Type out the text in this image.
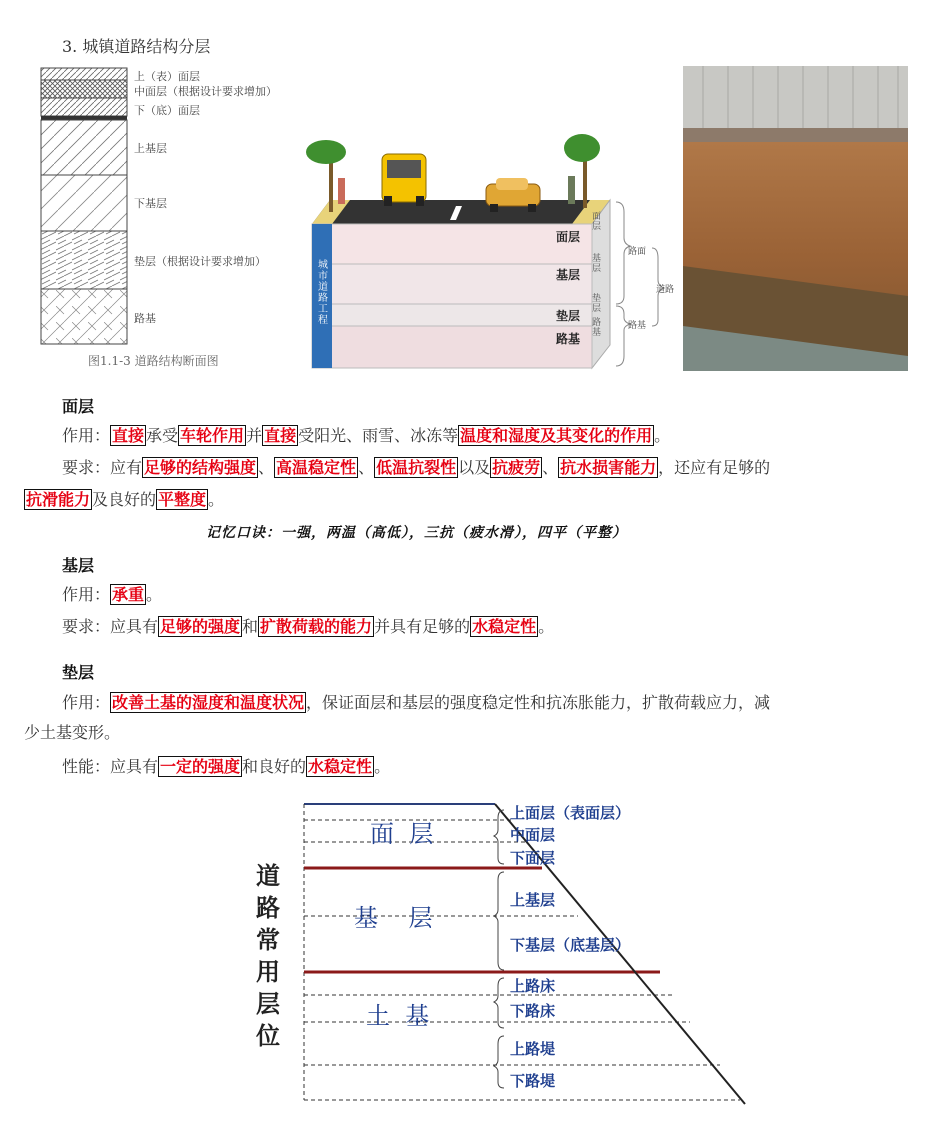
3. 城镇道路结构分层
上（表）面层
中面层（根据设计要求增加）
下（底）面层
上基层
下基层
垫层（根据设计要求增加）
路基
图1.1-3 道路结构断面图
城市道路工程
面层
基层
垫层
路基
面层
基层
垫层
路基
路面
路基
道路
面层
作用： 直接 承受 车轮作用 并 直接 受阳光、雨雪、冰冻等 温度和湿度及其变化的作用 。
要求：应有 足够的结构强度 、 高温稳定性 、 低温抗裂性 以及 抗疲劳 、 抗水损害能力 ，还应有足够的
抗滑能力 及良好的 平整度 。
记忆口诀：一强，两温（高低），三抗（疲水滑），四平（平整）
基层
作用： 承重 。
要求：应具有 足够的强度 和 扩散荷载的能力 并具有足够的 水稳定性 。
垫层
作用： 改善土基的湿度和温度状况 ，保证面层和基层的强度稳定性和抗冻胀能力，扩散荷载应力，减
少土基变形。
性能：应具有 一定的强度 和良好的 水稳定性 。
道
路
常
用
层
位
面  层
基    层
土  基
上面层（表面层）
中面层
下面层
上基层
下基层（底基层）
上路床
下路床
上路堤
下路堤
